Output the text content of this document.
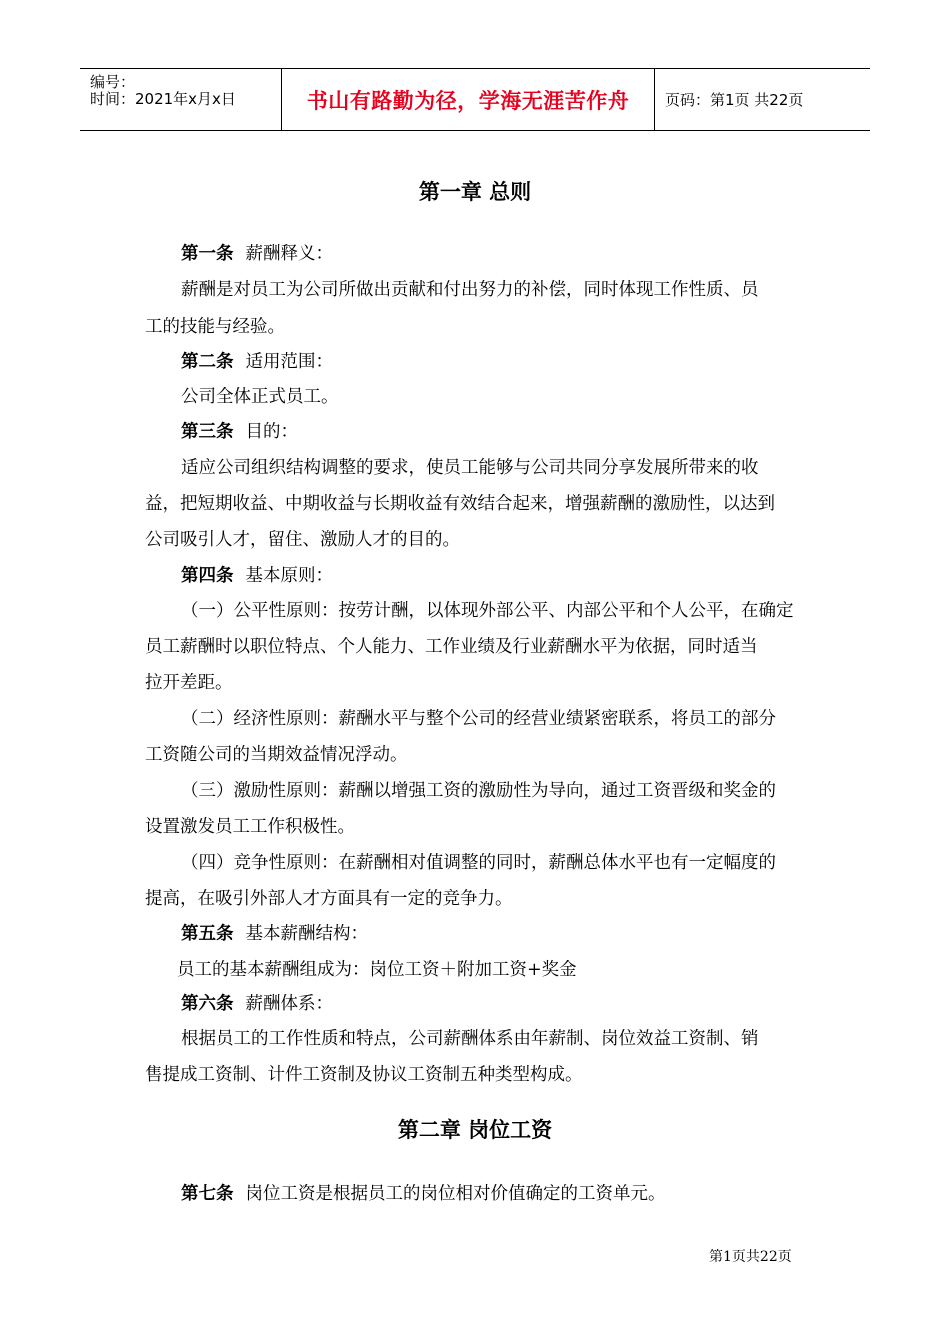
编号：
时间：2021年x月x日	书山有路勤为径，学海无涯苦作舟	页码：第1页 共22页
第一章 总则
第一条 薪酬释义：
薪酬是对员工为公司所做出贡献和付出努力的补偿，同时体现工作性质、员
工的技能与经验。
第二条 适用范围：
公司全体正式员工。
第三条 目的：
适应公司组织结构调整的要求，使员工能够与公司共同分享发展所带来的收
益，把短期收益、中期收益与长期收益有效结合起来，增强薪酬的激励性，以达到
公司吸引人才，留住、激励人才的目的。
第四条 基本原则：
（一）公平性原则：按劳计酬，以体现外部公平、内部公平和个人公平，在确定
员工薪酬时以职位特点、个人能力、工作业绩及行业薪酬水平为依据，同时适当
拉开差距。
（二）经济性原则：薪酬水平与整个公司的经营业绩紧密联系，将员工的部分
工资随公司的当期效益情况浮动。
（三）激励性原则：薪酬以增强工资的激励性为导向，通过工资晋级和奖金的
设置激发员工工作积极性。
（四）竞争性原则：在薪酬相对值调整的同时，薪酬总体水平也有一定幅度的
提高，在吸引外部人才方面具有一定的竞争力。
第五条 基本薪酬结构：
员工的基本薪酬组成为：岗位工资＋附加工资+奖金
第六条 薪酬体系：
根据员工的工作性质和特点，公司薪酬体系由年薪制、岗位效益工资制、销
售提成工资制、计件工资制及协议工资制五种类型构成。
第二章 岗位工资
第七条 岗位工资是根据员工的岗位相对价值确定的工资单元。
第1页共22页
